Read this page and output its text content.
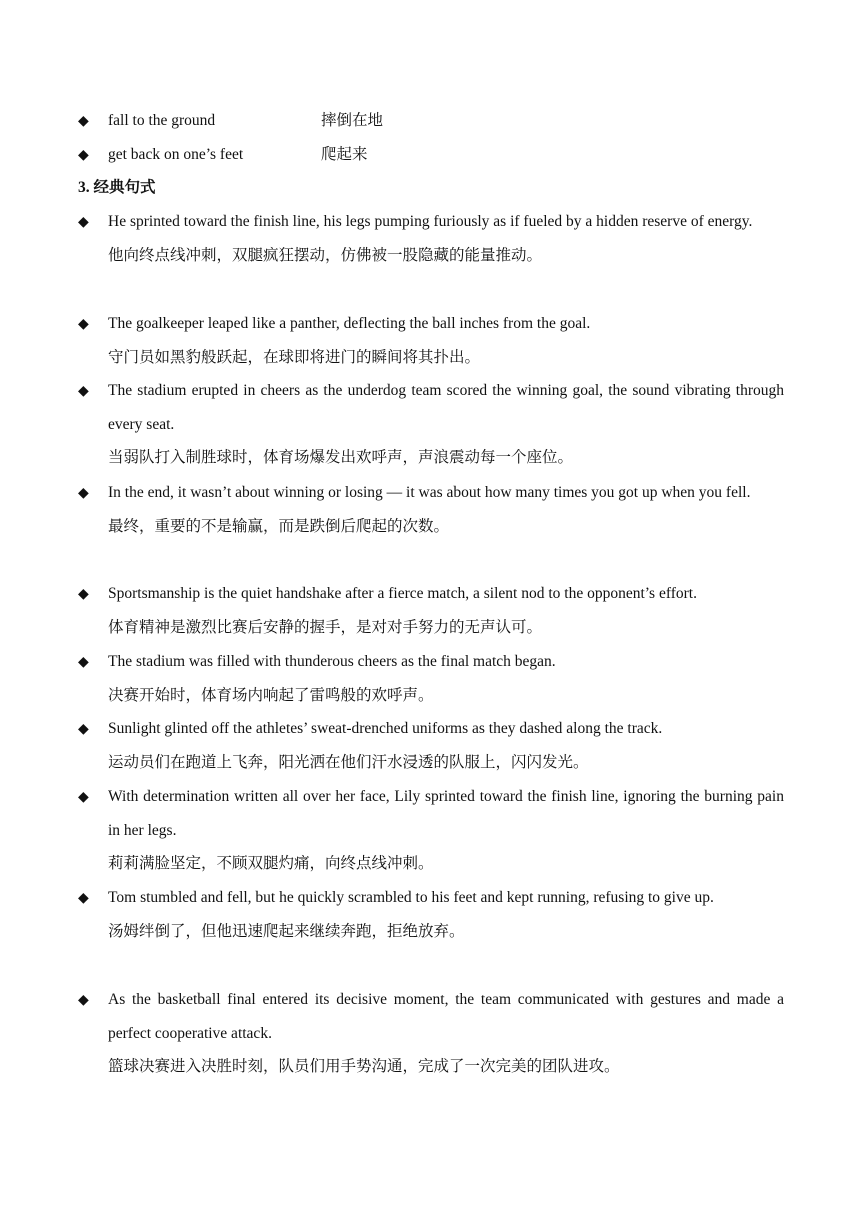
◆	fall to the ground	摔倒在地
◆	get back on one’s feet	爬起来
3. 经典句式
◆	He sprinted toward the finish line, his legs pumping furiously as if fueled by a hidden reserve of energy.
他向终点线冲刺，双腿疯狂摆动，仿佛被一股隐藏的能量推动。
◆	The goalkeeper leaped like a panther, deflecting the ball inches from the goal.
守门员如黑豹般跃起，在球即将进门的瞬间将其扑出。
◆	The stadium erupted in cheers as the underdog team scored the winning goal, the sound vibrating through every seat.
当弱队打入制胜球时，体育场爆发出欢呼声，声浪震动每一个座位。
◆	In the end, it wasn’t about winning or losing — it was about how many times you got up when you fell.
最终，重要的不是输赢，而是跌倒后爬起的次数。
◆	Sportsmanship is the quiet handshake after a fierce match, a silent nod to the opponent’s effort.
体育精神是激烈比赛后安静的握手，是对对手努力的无声认可。
◆	The stadium was filled with thunderous cheers as the final match began.
决赛开始时，体育场内响起了雷鸣般的欢呼声。
◆	Sunlight glinted off the athletes’ sweat-drenched uniforms as they dashed along the track.
运动员们在跑道上飞奔，阳光洒在他们汗水浸透的队服上，闪闪发光。
◆	With determination written all over her face, Lily sprinted toward the finish line, ignoring the burning pain in her legs.
莉莉满脸坚定，不顾双腿灼痛，向终点线冲刺。
◆	Tom stumbled and fell, but he quickly scrambled to his feet and kept running, refusing to give up.
汤姆绊倒了，但他迅速爬起来继续奔跑，拒绝放弃。
◆	As the basketball final entered its decisive moment, the team communicated with gestures and made a perfect cooperative attack.
篮球决赛进入决胜时刻，队员们用手势沟通，完成了一次完美的团队进攻。
